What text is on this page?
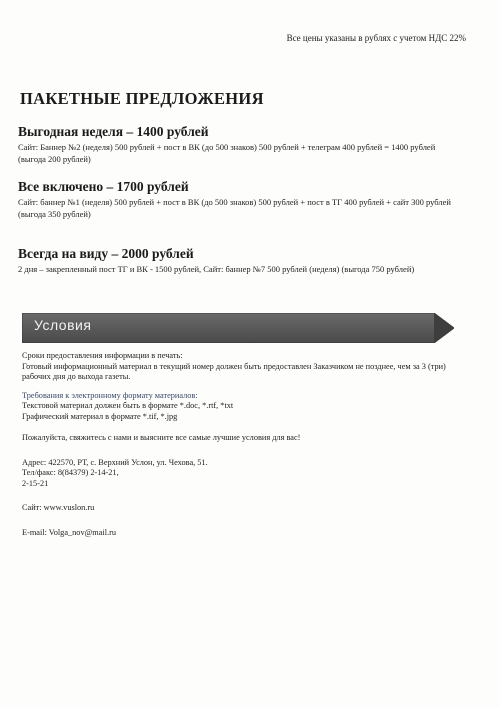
Все цены указаны в рублях с учетом НДС 22%
ПАКЕТНЫЕ ПРЕДЛОЖЕНИЯ
Выгодная неделя – 1400 рублей

Сайт: Баннер №2 (неделя) 500 рублей + пост в ВК (до 500 знаков) 500 рублей + телеграм 400 рублей = 1400 рублей (выгода 200 рублей)

Все включено – 1700 рублей

Сайт: баннер №1 (неделя) 500 рублей + пост в ВК (до 500 знаков) 500 рублей + пост в ТГ 400 рублей + сайт 300 рублей (выгода 350 рублей)

Всегда на виду – 2000 рублей

2 дня – закрепленный пост ТГ и ВК - 1500 рублей, Сайт: баннер №7 500 рублей (неделя) (выгода 750 рублей)

Условия

Сроки предоставления информации в печать:

Готовый информационный материал в текущий номер должен быть предоставлен Заказчиком не позднее, чем за 3 (три) рабочих дня до выхода газеты.

Требования к электронному формату материалов:

Текстовой материал должен быть в формате *.doc, *.rtf, *txt

Графический материал в формате *.tif, *.jpg

Пожалуйста, свяжитесь с нами и выясните все самые лучшие условия для вас!

Адрес: 422570, РТ, с. Верхний Услон, ул. Чехова, 51.

Тел/факс: 8(84379) 2-14-21,

2-15-21

Сайт: www.vuslon.ru

E-mail: Volga_nov@mail.ru
